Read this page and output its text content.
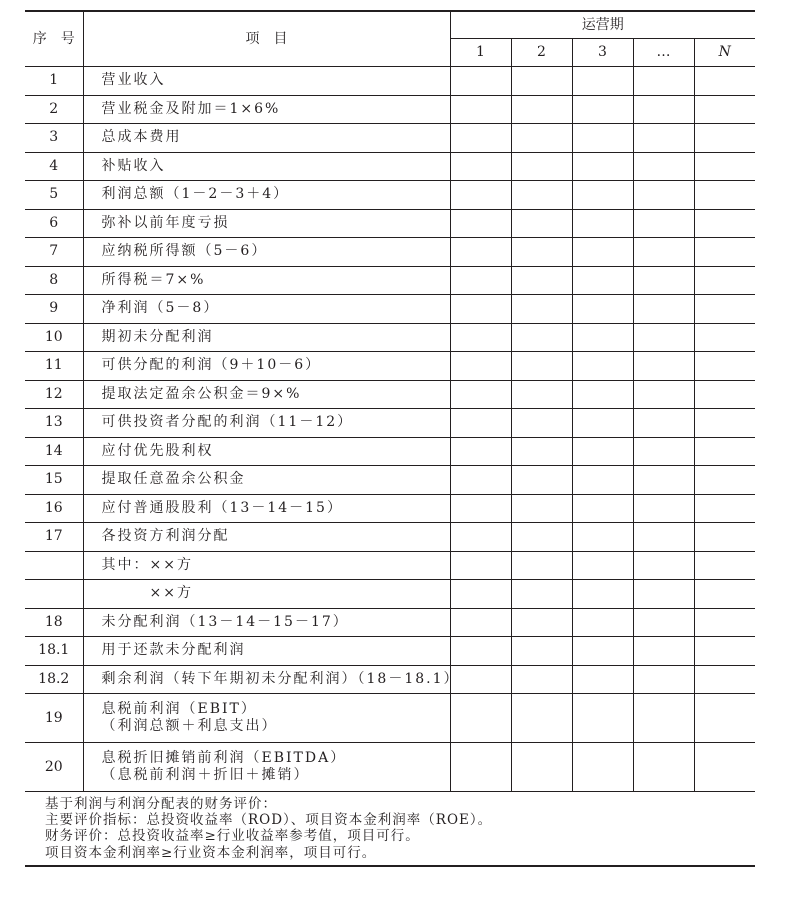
序　号	项　目	运营期				
		1	2	3	…	N
1	营业收入					
2	营业税金及附加＝1×6%					
3	总成本费用					
4	补贴收入					
5	利润总额（1－2－3＋4）					
6	弥补以前年度亏损					
7	应纳税所得额（5－6）					
8	所得税＝7×%					
9	净利润（5－8）					
10	期初未分配利润					
11	可供分配的利润（9＋10－6）					
12	提取法定盈余公积金＝9×%					
13	可供投资者分配的利润（11－12）					
14	应付优先股利权					
15	提取任意盈余公积金					
16	应付普通股股利（13－14－15）					
17	各投资方利润分配					
	其中：××方					
	　　　××方					
18	未分配利润（13－14－15－17）					
18.1	用于还款未分配利润					
18.2	剩余利润（转下年期初未分配利润）（18－18.1）					
19	息税前利润（EBIT）
（利润总额＋利息支出）					

20	息税折旧摊销前利润（EBITDA）
（息税前利润＋折旧＋摊销）					

基于利润与利润分配表的财务评价：
主要评价指标：总投资收益率（ROD）、项目资本金利润率（ROE）。
财务评价：总投资收益率≥行业收益率参考值，项目可行。
项目资本金利润率≥行业资本金利润率，项目可行。						
